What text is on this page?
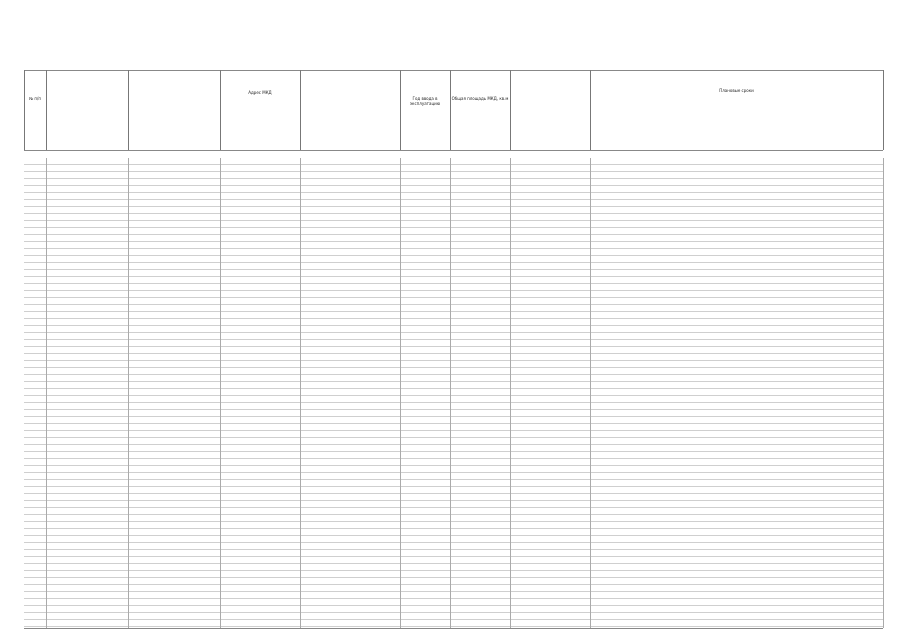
№ п/п
Адрес МКД
Год ввода в эксплуатацию
Общая площадь МКД, кв.м
Плановые сроки
